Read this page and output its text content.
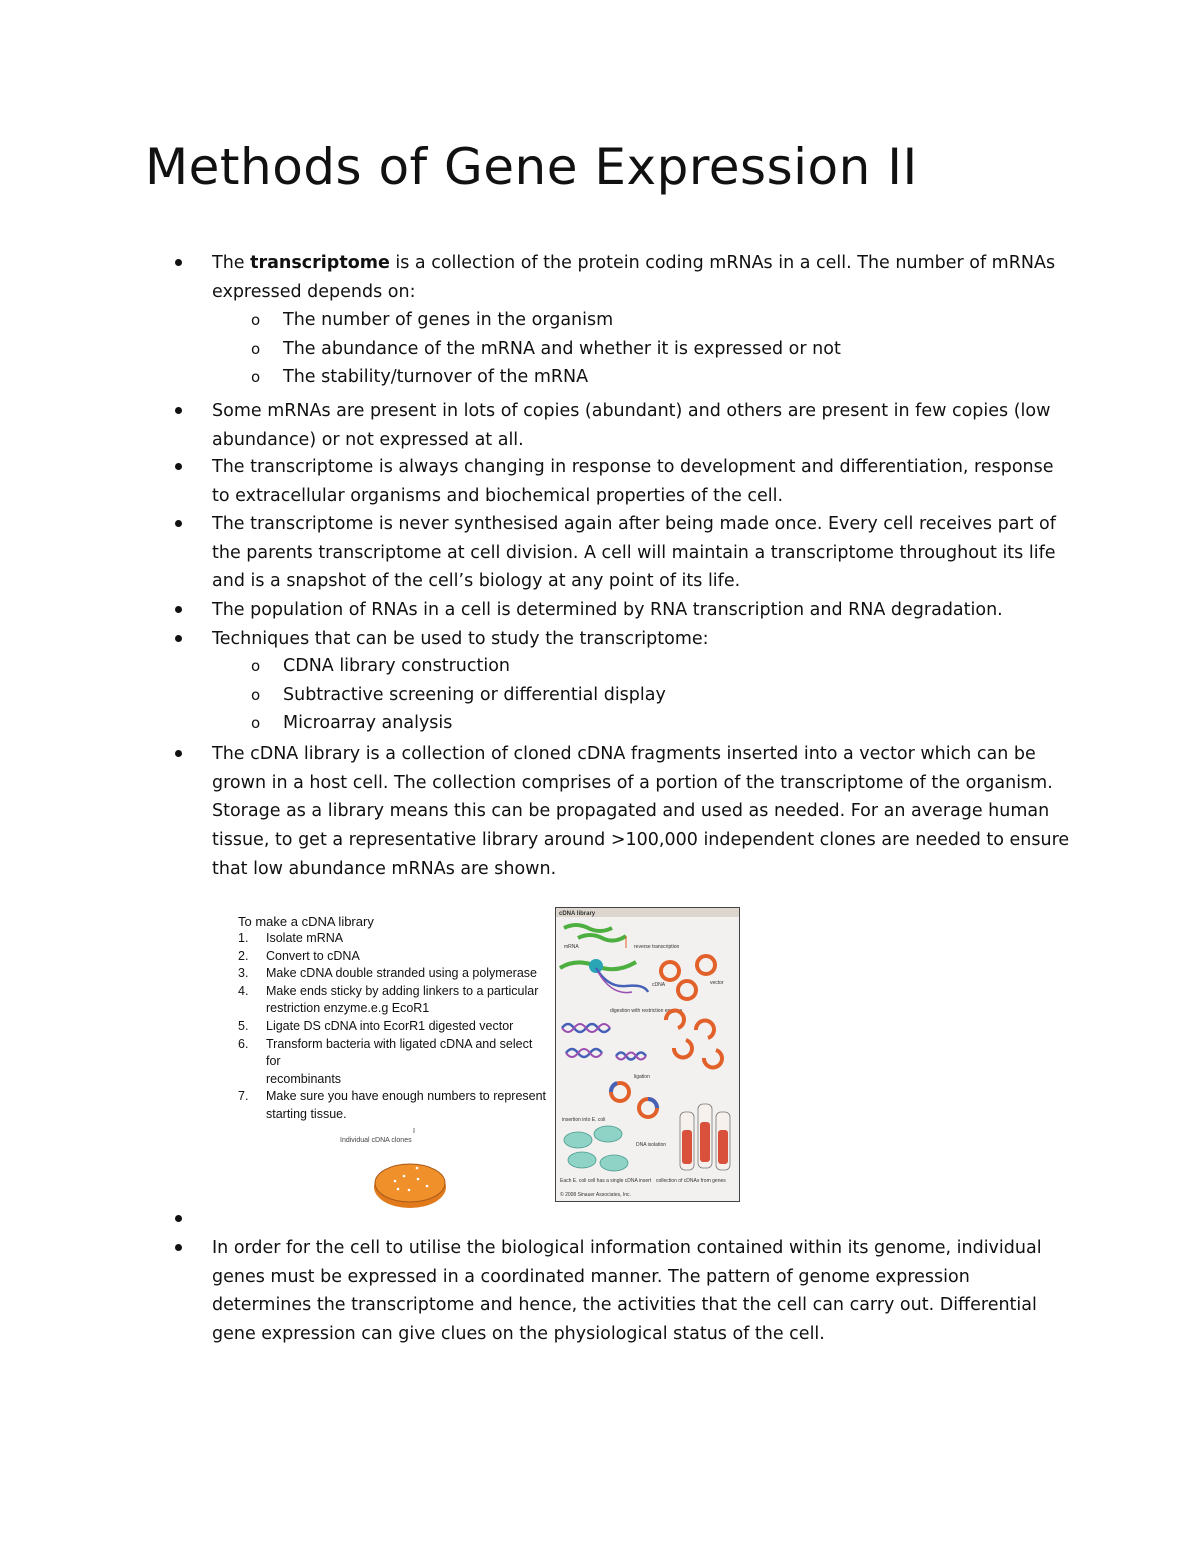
Methods of Gene Expression II
The transcriptome is a collection of the protein coding mRNAs in a cell. The number of mRNAs
expressed depends on:
o The number of genes in the organism
o The abundance of the mRNA and whether it is expressed or not
o The stability/turnover of the mRNA
Some mRNAs are present in lots of copies (abundant) and others are present in few copies (low
abundance) or not expressed at all.
The transcriptome is always changing in response to development and differentiation, response
to extracellular organisms and biochemical properties of the cell.
The transcriptome is never synthesised again after being made once. Every cell receives part of
the parents transcriptome at cell division. A cell will maintain a transcriptome throughout its life
and is a snapshot of the cell’s biology at any point of its life.
The population of RNAs in a cell is determined by RNA transcription and RNA degradation.
Techniques that can be used to study the transcriptome:
o CDNA library construction
o Subtractive screening or differential display
o Microarray analysis
The cDNA library is a collection of cloned cDNA fragments inserted into a vector which can be
grown in a host cell. The collection comprises of a portion of the transcriptome of the organism.
Storage as a library means this can be propagated and used as needed. For an average human
tissue, to get a representative library around >100,000 independent clones are needed to ensure
that low abundance mRNAs are shown.
In order for the cell to utilise the biological information contained within its genome, individual
genes must be expressed in a coordinated manner. The pattern of genome expression
determines the transcriptome and hence, the activities that the cell can carry out. Differential
gene expression can give clues on the physiological status of the cell.
To make a cDNA library
1.	Isolate mRNA
2.	Convert to cDNA
3.	Make cDNA double stranded using a polymerase
4.	Make ends sticky by adding linkers to a particular
restriction enzyme.e.g EcoR1
5.	Ligate DS cDNA into EcorR1 digested vector
6.	Transform bacteria with ligated cDNA and select for
recombinants
7.	Make sure you have enough numbers to represent
starting tissue.
Individual cDNA clones
cDNA library
mRNA	reverse transcription
cDNA	vector
digestion with restriction enzyme
ligation
insertion into E. coli
DNA isolation
Each E. coli cell has a single cDNA insert collection of cDNAs from genes
© 2008 Sinauer Associates, Inc.
